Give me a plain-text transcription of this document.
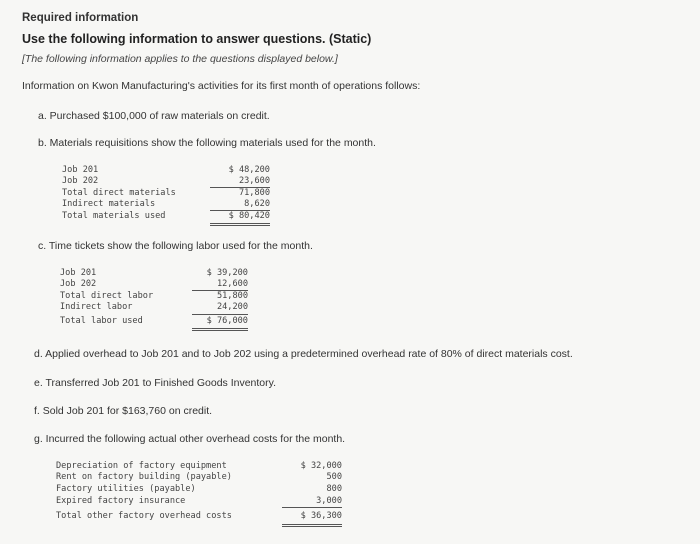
Required information
Use the following information to answer questions. (Static)
[The following information applies to the questions displayed below.]
Information on Kwon Manufacturing's activities for its first month of operations follows:
a. Purchased $100,000 of raw materials on credit.
b. Materials requisitions show the following materials used for the month.
Job 201	$ 48,200
Job 202	23,600
Total direct materials	71,800
Indirect materials	8,620
Total materials used	$ 80,420
c. Time tickets show the following labor used for the month.
Job 201	$ 39,200
Job 202	12,600
Total direct labor	51,800
Indirect labor	24,200
Total labor used	$ 76,000
d. Applied overhead to Job 201 and to Job 202 using a predetermined overhead rate of 80% of direct materials cost.
e. Transferred Job 201 to Finished Goods Inventory.
f. Sold Job 201 for $163,760 on credit.
g. Incurred the following actual other overhead costs for the month.
Depreciation of factory equipment	$ 32,000
Rent on factory building (payable)	500
Factory utilities (payable)	800
Expired factory insurance	3,000
Total other factory overhead costs	$ 36,300
